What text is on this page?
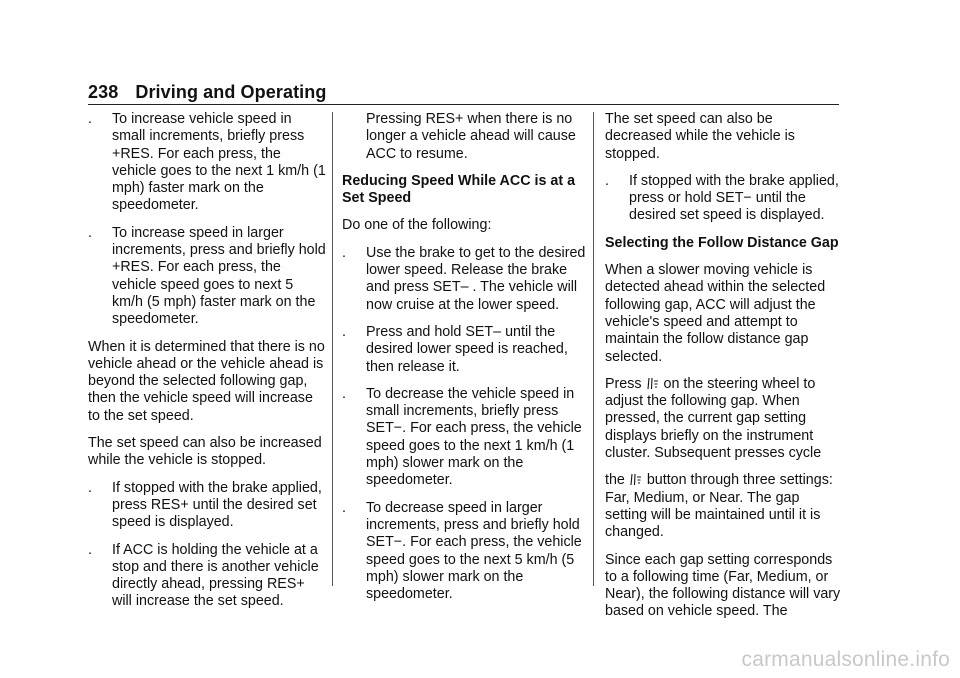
238 Driving and Operating
.	To increase vehicle speed in small increments, briefly press +RES. For each press, the vehicle goes to the next 1 km/h (1 mph) faster mark on the speedometer.
.	To increase speed in larger increments, press and briefly hold +RES. For each press, the vehicle speed goes to next 5 km/h (5 mph) faster mark on the speedometer.

When it is determined that there is no vehicle ahead or the vehicle ahead is beyond the selected following gap, then the vehicle speed will increase to the set speed.

The set speed can also be increased while the vehicle is stopped.

.	If stopped with the brake applied, press RES+ until the desired set speed is displayed.
.	If ACC is holding the vehicle at a stop and there is another vehicle directly ahead, pressing RES+ will increase the set speed.

Pressing RES+ when there is no longer a vehicle ahead will cause ACC to resume.

Reducing Speed While ACC is at a Set Speed

Do one of the following:

.	Use the brake to get to the desired lower speed. Release the brake and press SET– . The vehicle will now cruise at the lower speed.
.	Press and hold SET– until the desired lower speed is reached, then release it.
.	To decrease the vehicle speed in small increments, briefly press SET−. For each press, the vehicle speed goes to the next 1 km/h (1 mph) slower mark on the speedometer.
.	To decrease speed in larger increments, press and briefly hold SET−. For each press, the vehicle speed goes to the next 5 km/h (5 mph) slower mark on the speedometer.

The set speed can also be decreased while the vehicle is stopped.

.	If stopped with the brake applied, press or hold SET− until the desired set speed is displayed.

Selecting the Follow Distance Gap

When a slower moving vehicle is detected ahead within the selected following gap, ACC will adjust the vehicle's speed and attempt to maintain the follow distance gap selected.

Press
on the steering wheel to adjust the following gap. When pressed, the current gap setting displays briefly on the instrument cluster. Subsequent presses cycle

the
button through three settings: Far, Medium, or Near. The gap setting will be maintained until it is changed.

Since each gap setting corresponds to a following time (Far, Medium, or Near), the following distance will vary based on vehicle speed. The

carmanualsonline.info
